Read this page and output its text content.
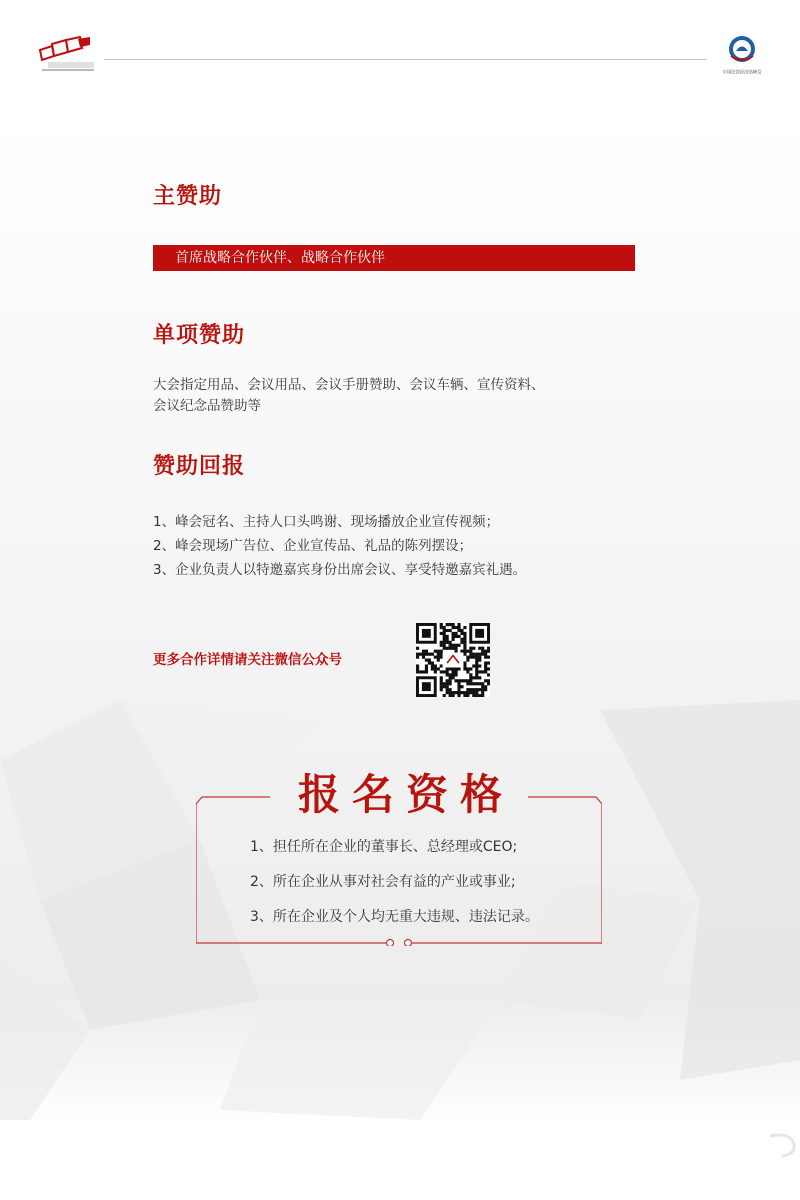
中国民营经济高峰会
主赞助
首席战略合作伙伴、战略合作伙伴
单项赞助
大会指定用品、会议用品、会议手册赞助、会议车辆、宣传资料、
会议纪念品赞助等
赞助回报
1、峰会冠名、主持人口头鸣谢、现场播放企业宣传视频；
2、峰会现场广告位、企业宣传品、礼品的陈列摆设；
3、企业负责人以特邀嘉宾身份出席会议、享受特邀嘉宾礼遇。
更多合作详情请关注微信公众号
报名资格
1、担任所在企业的董事长、总经理或CEO;
2、所在企业从事对社会有益的产业或事业;
3、所在企业及个人均无重大违规、违法记录。
